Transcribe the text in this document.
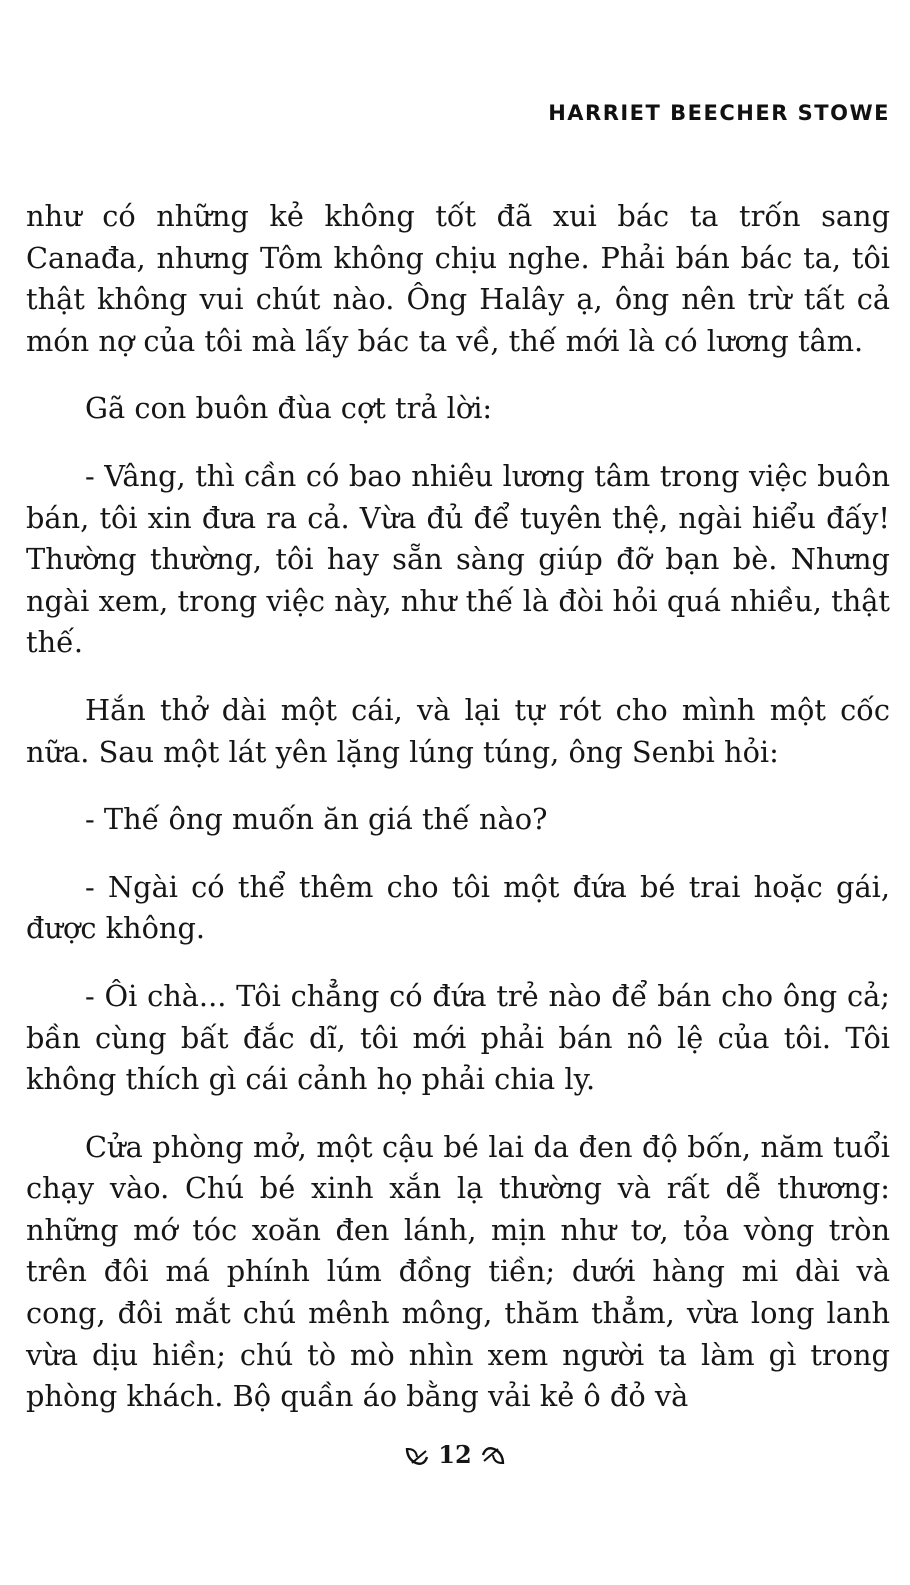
HARRIET BEECHER STOWE

như có những kẻ không tốt đã xui bác ta trốn sang Canađa, nhưng Tôm không chịu nghe. Phải bán bác ta, tôi thật không vui chút nào. Ông Halây ạ, ông nên trừ tất cả món nợ của tôi mà lấy bác ta về, thế mới là có lương tâm.

Gã con buôn đùa cợt trả lời:

- Vâng, thì cần có bao nhiêu lương tâm trong việc buôn bán, tôi xin đưa ra cả. Vừa đủ để tuyên thệ, ngài hiểu đấy! Thường thường, tôi hay sẵn sàng giúp đỡ bạn bè. Nhưng ngài xem, trong việc này, như thế là đòi hỏi quá nhiều, thật thế.

Hắn thở dài một cái, và lại tự rót cho mình một cốc nữa. Sau một lát yên lặng lúng túng, ông Senbi hỏi:

- Thế ông muốn ăn giá thế nào?

- Ngài có thể thêm cho tôi một đứa bé trai hoặc gái, được không.

- Ôi chà... Tôi chẳng có đứa trẻ nào để bán cho ông cả; bần cùng bất đắc dĩ, tôi mới phải bán nô lệ của tôi. Tôi không thích gì cái cảnh họ phải chia ly.

Cửa phòng mở, một cậu bé lai da đen độ bốn, năm tuổi chạy vào. Chú bé xinh xắn lạ thường và rất dễ thương: những mớ tóc xoăn đen lánh, mịn như tơ, tỏa vòng tròn trên đôi má phính lúm đồng tiền; dưới hàng mi dài và cong, đôi mắt chú mênh mông, thăm thẳm, vừa long lanh vừa dịu hiền; chú tò mò nhìn xem người ta làm gì trong phòng khách. Bộ quần áo bằng vải kẻ ô đỏ và

12
